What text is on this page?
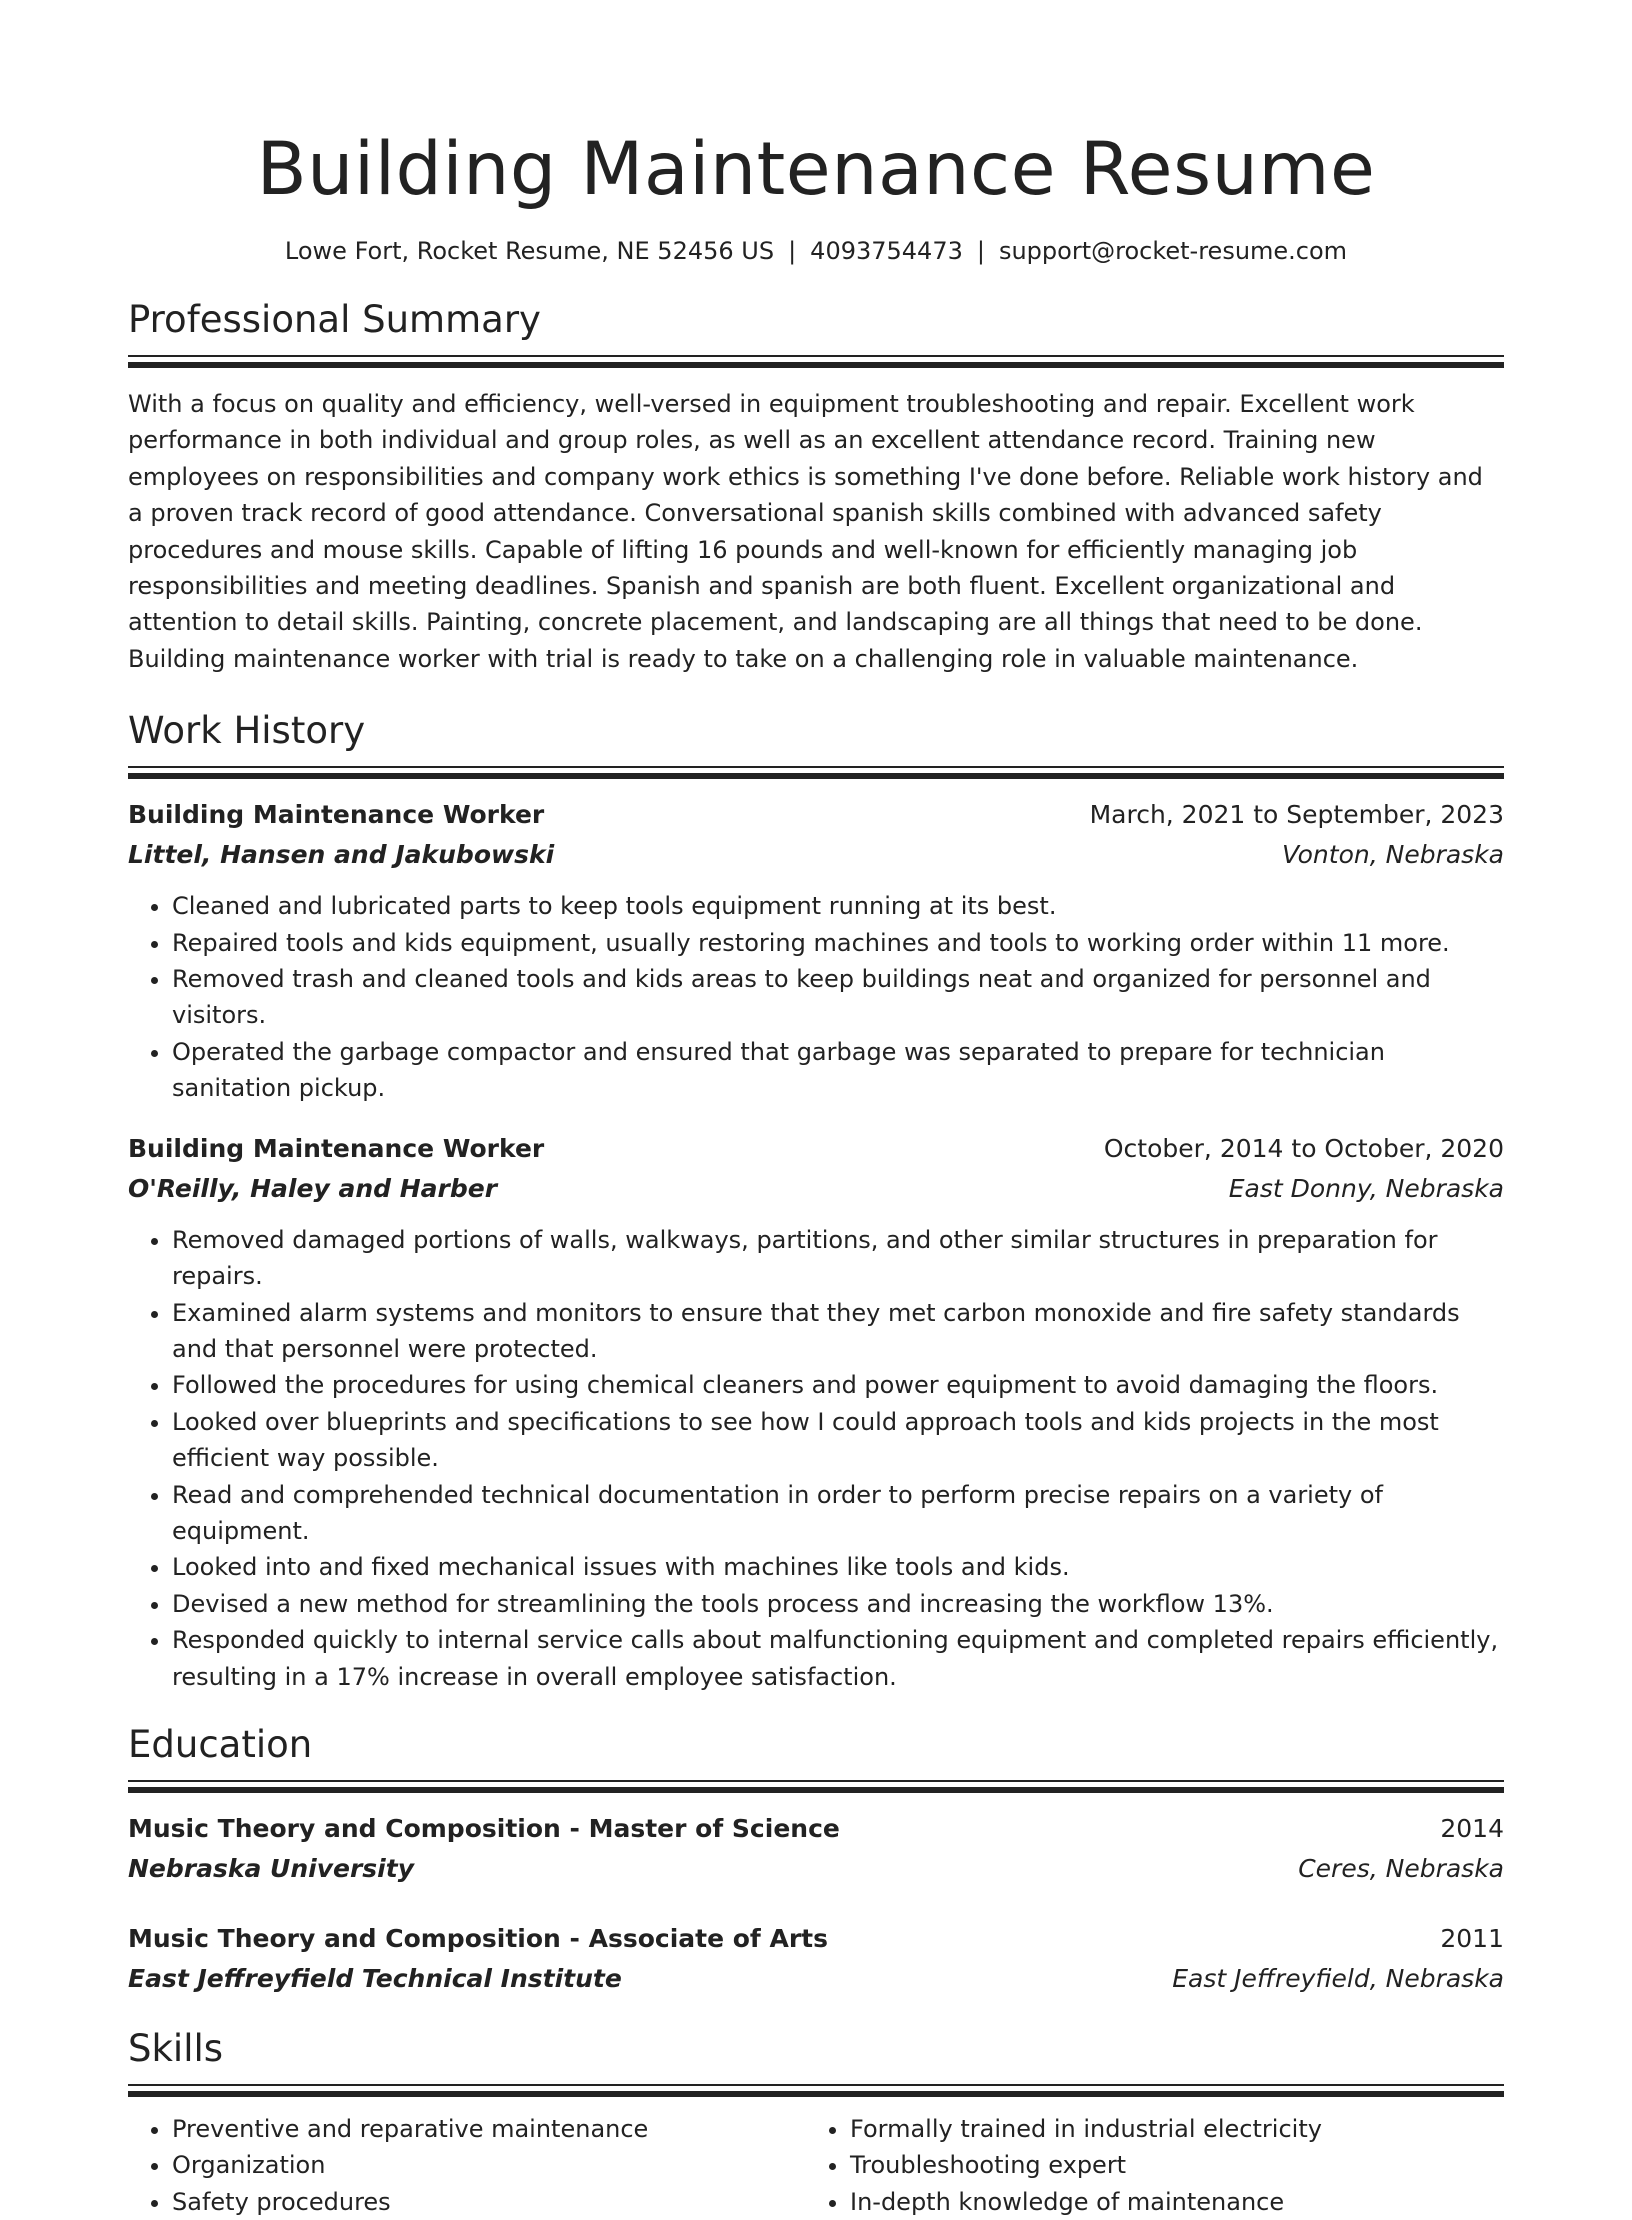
Building Maintenance Resume
Lowe Fort, Rocket Resume, NE 52456 US | 4093754473 | support@rocket-resume.com
Professional Summary
With a focus on quality and efficiency, well-versed in equipment troubleshooting and repair. Excellent work performance in both individual and group roles, as well as an excellent attendance record. Training new employees on responsibilities and company work ethics is something I've done before. Reliable work history and a proven track record of good attendance. Conversational spanish skills combined with advanced safety procedures and mouse skills. Capable of lifting 16 pounds and well-known for efficiently managing job responsibilities and meeting deadlines. Spanish and spanish are both fluent. Excellent organizational and attention to detail skills. Painting, concrete placement, and landscaping are all things that need to be done. Building maintenance worker with trial is ready to take on a challenging role in valuable maintenance.
Work History
Building Maintenance Worker	March, 2021 to September, 2023
Littel, Hansen and Jakubowski	Vonton, Nebraska
• Cleaned and lubricated parts to keep tools equipment running at its best.
• Repaired tools and kids equipment, usually restoring machines and tools to working order within 11 more.
• Removed trash and cleaned tools and kids areas to keep buildings neat and organized for personnel and visitors.
• Operated the garbage compactor and ensured that garbage was separated to prepare for technician sanitation pickup.
Building Maintenance Worker	October, 2014 to October, 2020
O'Reilly, Haley and Harber	East Donny, Nebraska
• Removed damaged portions of walls, walkways, partitions, and other similar structures in preparation for repairs.
• Examined alarm systems and monitors to ensure that they met carbon monoxide and fire safety standards and that personnel were protected.
• Followed the procedures for using chemical cleaners and power equipment to avoid damaging the floors.
• Looked over blueprints and specifications to see how I could approach tools and kids projects in the most efficient way possible.
• Read and comprehended technical documentation in order to perform precise repairs on a variety of equipment.
• Looked into and fixed mechanical issues with machines like tools and kids.
• Devised a new method for streamlining the tools process and increasing the workflow 13%.
• Responded quickly to internal service calls about malfunctioning equipment and completed repairs efficiently, resulting in a 17% increase in overall employee satisfaction.
Education
Music Theory and Composition - Master of Science	2014
Nebraska University	Ceres, Nebraska
Music Theory and Composition - Associate of Arts	2011
East Jeffreyfield Technical Institute	East Jeffreyfield, Nebraska
Skills
• Preventive and reparative maintenance
• Organization
• Safety procedures
• Formally trained in industrial electricity
• Troubleshooting expert
• In-depth knowledge of maintenance
